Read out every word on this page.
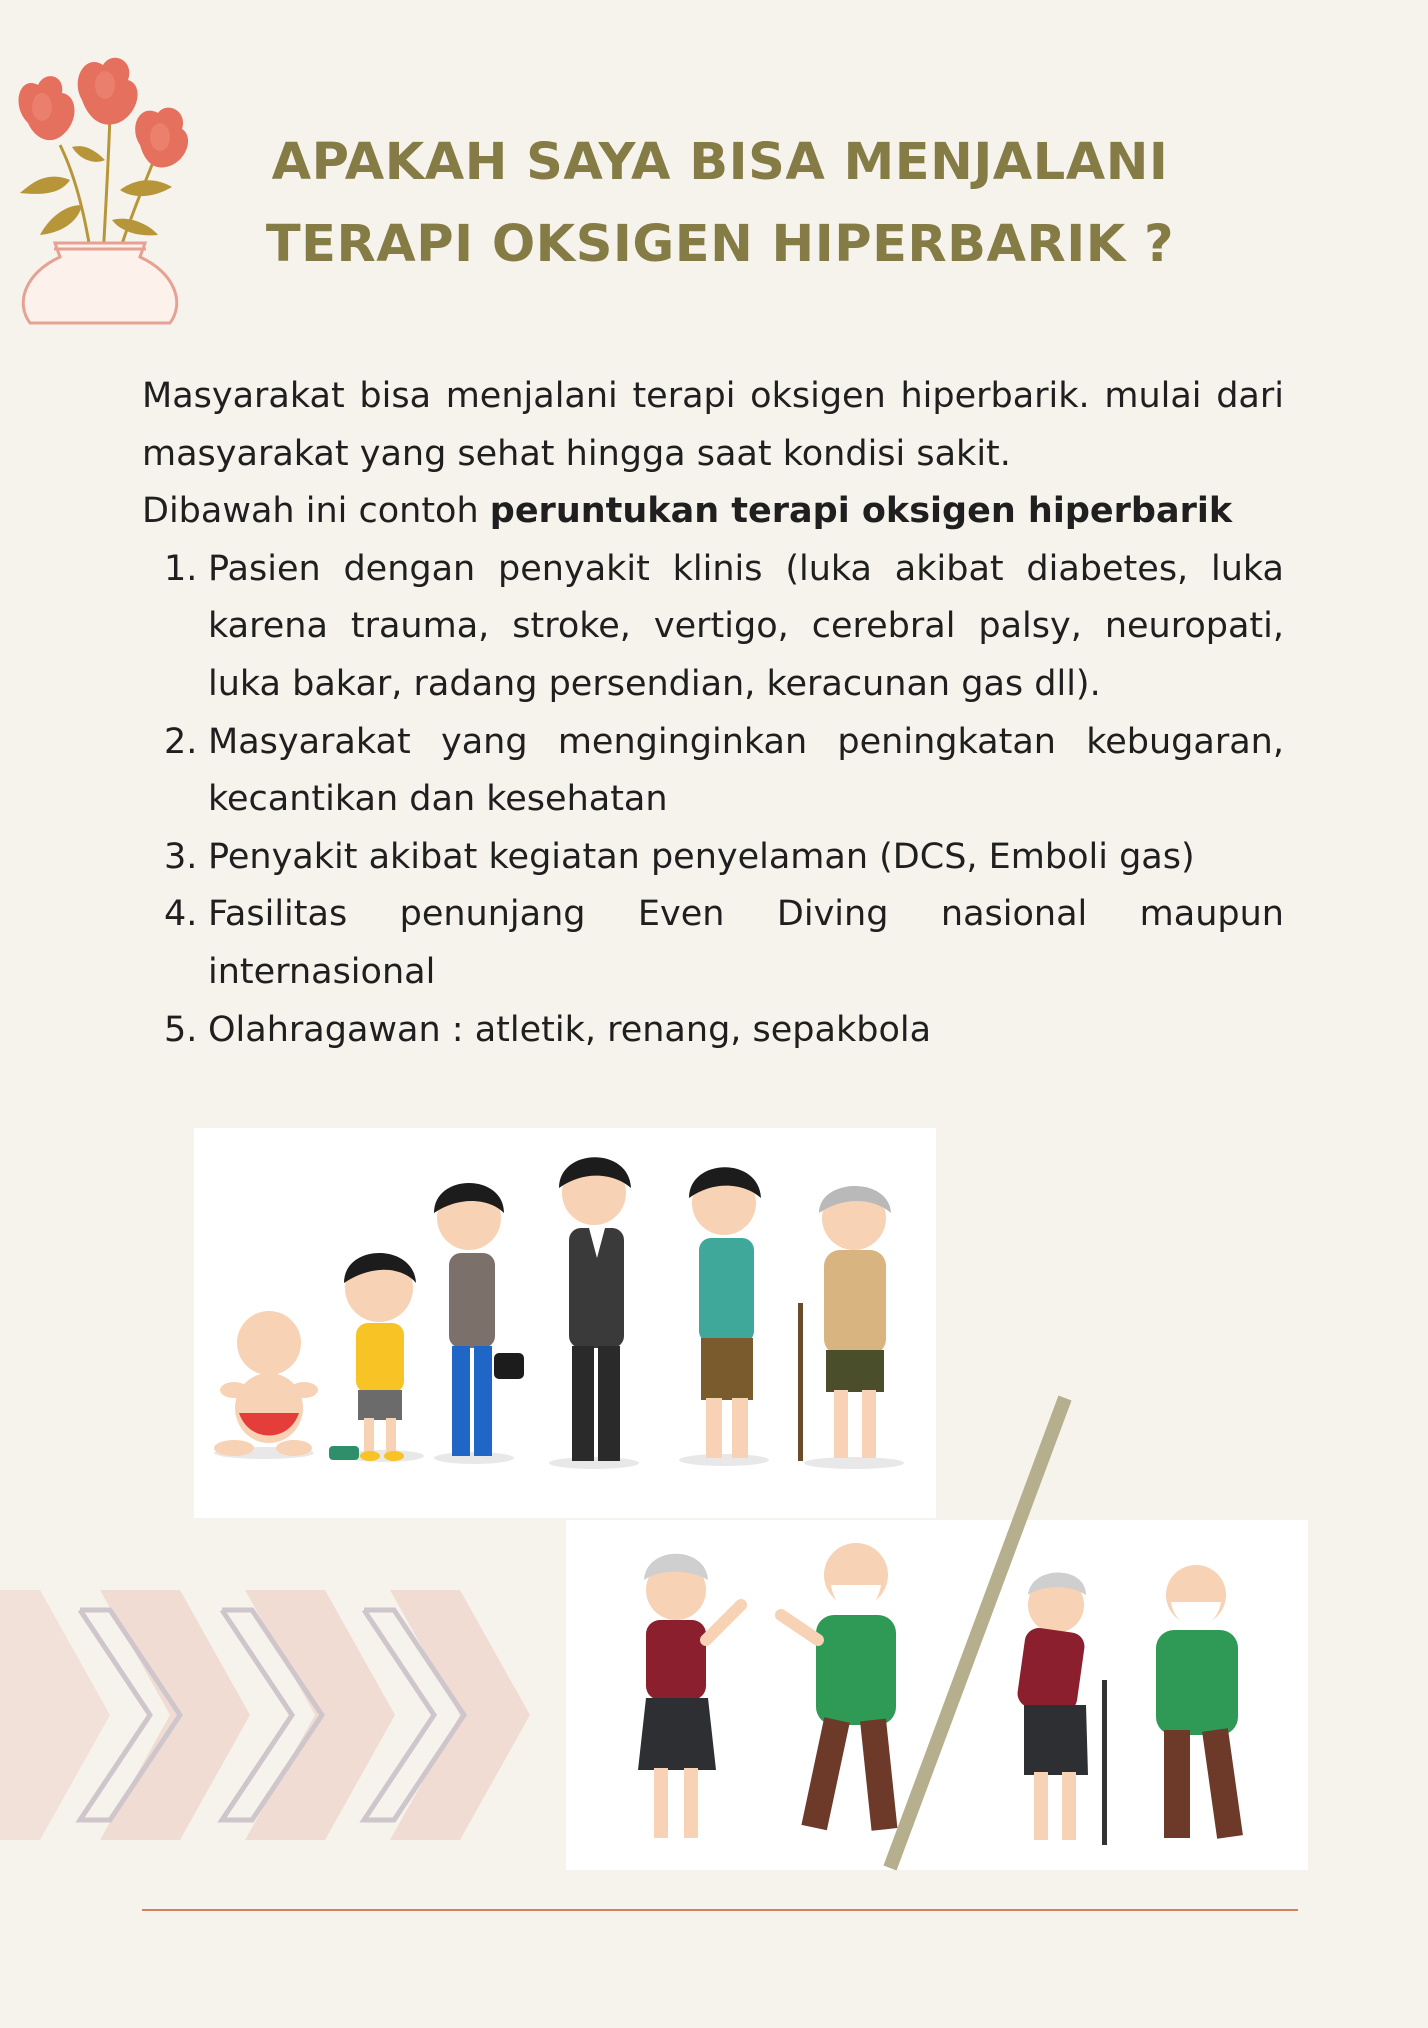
APAKAH SAYA BISA MENJALANI
TERAPI OKSIGEN HIPERBARIK ?

Masyarakat bisa menjalani terapi oksigen hiperbarik. mulai dari masyarakat yang sehat hingga saat kondisi sakit.

Dibawah ini contoh peruntukan terapi oksigen hiperbarik

1. Pasien dengan penyakit klinis (luka akibat diabetes, luka karena trauma, stroke, vertigo, cerebral palsy, neuropati, luka bakar, radang persendian, keracunan gas dll).
2. Masyarakat yang menginginkan peningkatan kebugaran, kecantikan dan kesehatan
3. Penyakit akibat kegiatan penyelaman (DCS, Emboli gas)
4. Fasilitas penunjang Even Diving nasional maupun internasional
5. Olahragawan : atletik, renang, sepakbola
